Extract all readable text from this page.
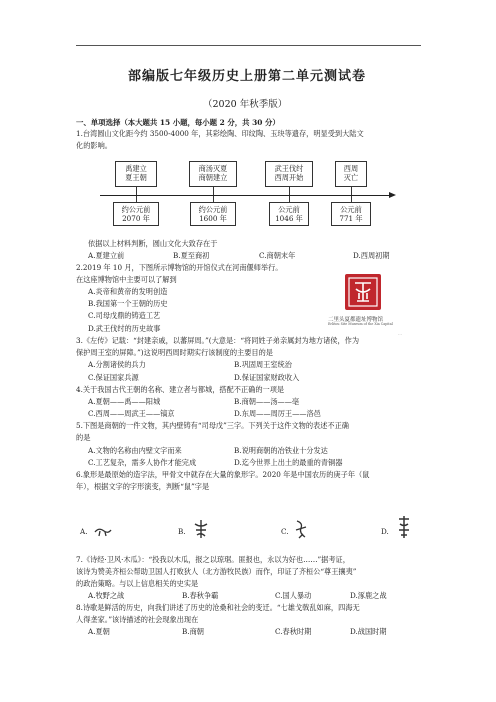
部编版七年级历史上册第二单元测试卷
（2020 年秋季版）
一、单项选择（本大题共 15 小题，每小题 2 分，共 30 分）
1.台湾圆山文化距今约 3500-4000 年，其彩绘陶、印纹陶、玉玦等遗存，明显受到大陆文
化的影响。
禹建立
夏王朝
商汤灭夏
商朝建立
武王伐纣
西周开始
西周
灭亡
约公元前
2070 年
约公元前
1600 年
公元前
1046 年
公元前
771 年
依据以上材料判断，圆山文化大致存在于
A.夏建立前	B.夏至商初	C.商朝末年	D.西周初期
2.2019 年 10 月，下图所示博物馆的开馆仪式在河南偃师举行。
在这座博物馆中主要可以了解到
A.炎帝和黄帝的发明创造
B.我国第一个王朝的历史
C.司母戊鼎的铸造工艺
D.武王伐纣的历史故事
二里头夏都遗址博物馆
Erlitou Site Museum of the Xia Capital
⋯
3.《左传》记载：“封建亲戚，以蕃屏周。”(大意是：“将同姓子弟亲属封为地方诸侯，作为
保护周王室的屏障。”)这说明西周时期实行该制度的主要目的是
A.分割诸侯的兵力	B.巩固周王室统治
C.保证国家兵源	D.保证国家财政收入
4.关于我国古代王朝的名称、建立者与都城，搭配不正确的一项是
A.夏朝——禹——阳城	B.商朝——汤——亳
C.西周——周武王——镐京	D.东周——周厉王——洛邑
5.下图是商朝的一件文物，其内壁铸有“司母戊”三字。下列关于这件文物的表述不正确
的是
A.文物的名称由内壁文字而来	B.说明商朝的冶铁业十分发达
C.工艺复杂，需多人协作才能完成	D.迄今世界上出土的最重的青铜器
6.象形是最原始的造字法，甲骨文中就存在大量的象形字。2020 年是中国农历的庚子年（鼠
年），根据文字的字形演变，判断“鼠”字是
A.	B.	C.	D.
7.《诗经·卫风·木瓜》：“投我以木瓜，报之以琼琚。匪报也，永以为好也……”据考证，
该诗为赞美齐桓公帮助卫国人打败狄人（北方游牧民族）而作，印证了齐桓公“尊王攘夷”
的政治策略。与以上信息相关的史实是
A.牧野之战	B.春秋争霸	C.国人暴动	D.涿鹿之战
8.诗歌是鲜活的历史，向我们讲述了历史的沧桑和社会的变迁。“七雄戈戟乱如麻，四海无
人得垄家。”该诗描述的社会现象出现在
A.夏朝	B.商朝	C.春秋时期	D.战国时期
